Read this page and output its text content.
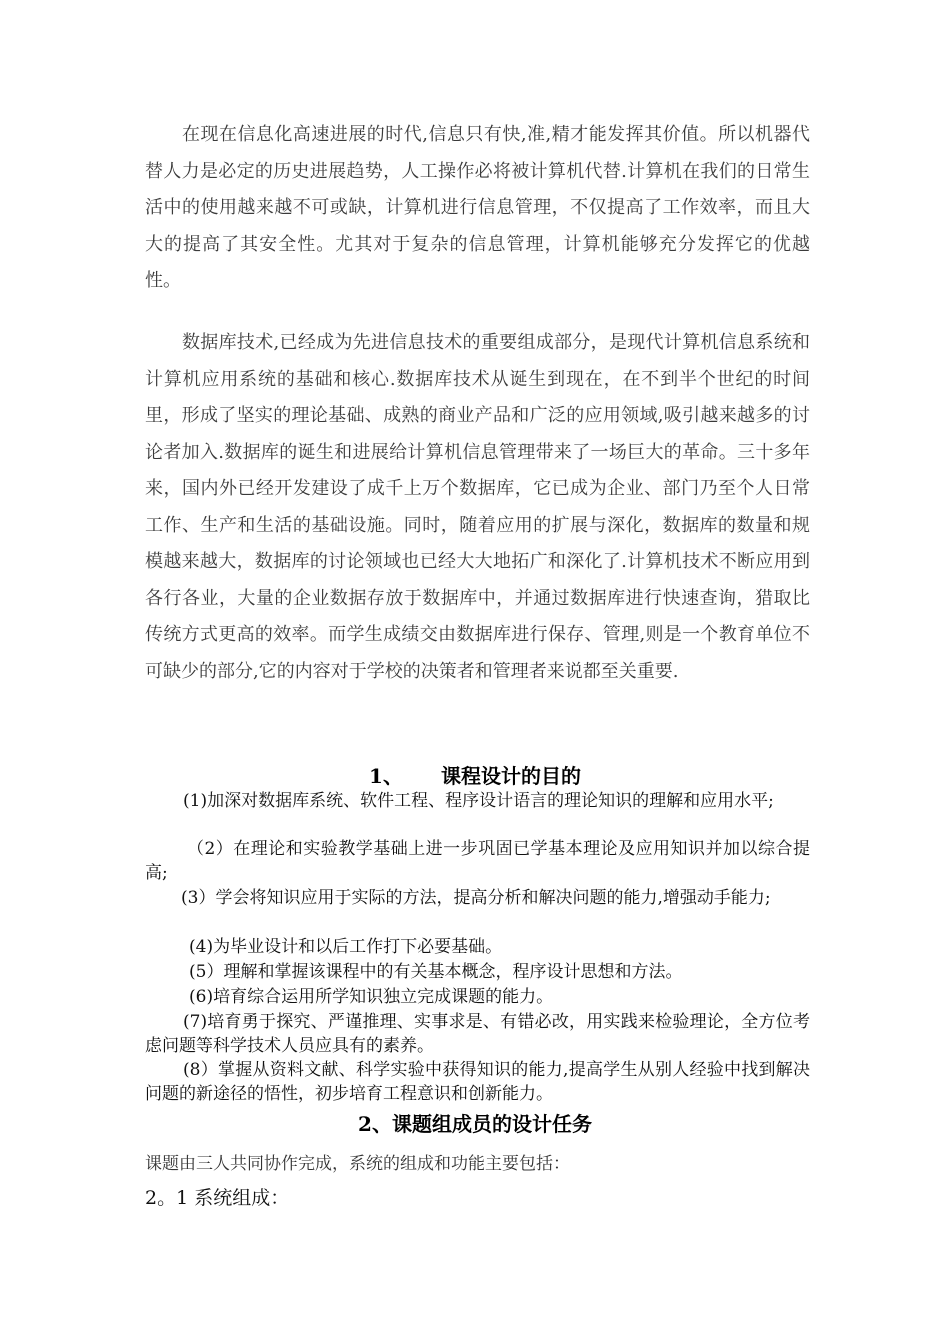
在现在信息化高速进展的时代,信息只有快,准,精才能发挥其价值。所以机器代替人力是必定的历史进展趋势，人工操作必将被计算机代替.计算机在我们的日常生活中的使用越来越不可或缺，计算机进行信息管理，不仅提高了工作效率，而且大大的提高了其安全性。尤其对于复杂的信息管理，计算机能够充分发挥它的优越性。

数据库技术,已经成为先进信息技术的重要组成部分，是现代计算机信息系统和计算机应用系统的基础和核心.数据库技术从诞生到现在，在不到半个世纪的时间里，形成了坚实的理论基础、成熟的商业产品和广泛的应用领域,吸引越来越多的讨论者加入.数据库的诞生和进展给计算机信息管理带来了一场巨大的革命。三十多年来，国内外已经开发建设了成千上万个数据库，它已成为企业、部门乃至个人日常工作、生产和生活的基础设施。同时，随着应用的扩展与深化，数据库的数量和规模越来越大，数据库的讨论领域也已经大大地拓广和深化了.计算机技术不断应用到各行各业，大量的企业数据存放于数据库中，并通过数据库进行快速查询，猎取比传统方式更高的效率。而学生成绩交由数据库进行保存、管理,则是一个教育单位不可缺少的部分,它的内容对于学校的决策者和管理者来说都至关重要.

1、 课程设计的目的

(1)加深对数据库系统、软件工程、程序设计语言的理论知识的理解和应用水平;

（2）在理论和实验教学基础上进一步巩固已学基本理论及应用知识并加以综合提高;

(3）学会将知识应用于实际的方法，提高分析和解决问题的能力,增强动手能力;

(4)为毕业设计和以后工作打下必要基础。

(5）理解和掌握该课程中的有关基本概念，程序设计思想和方法。

(6)培育综合运用所学知识独立完成课题的能力。

(7)培育勇于探究、严谨推理、实事求是、有错必改，用实践来检验理论，全方位考虑问题等科学技术人员应具有的素养。

(8）掌握从资料文献、科学实验中获得知识的能力,提高学生从别人经验中找到解决问题的新途径的悟性，初步培育工程意识和创新能力。

2、课题组成员的设计任务

课题由三人共同协作完成，系统的组成和功能主要包括：

2。1 系统组成：
